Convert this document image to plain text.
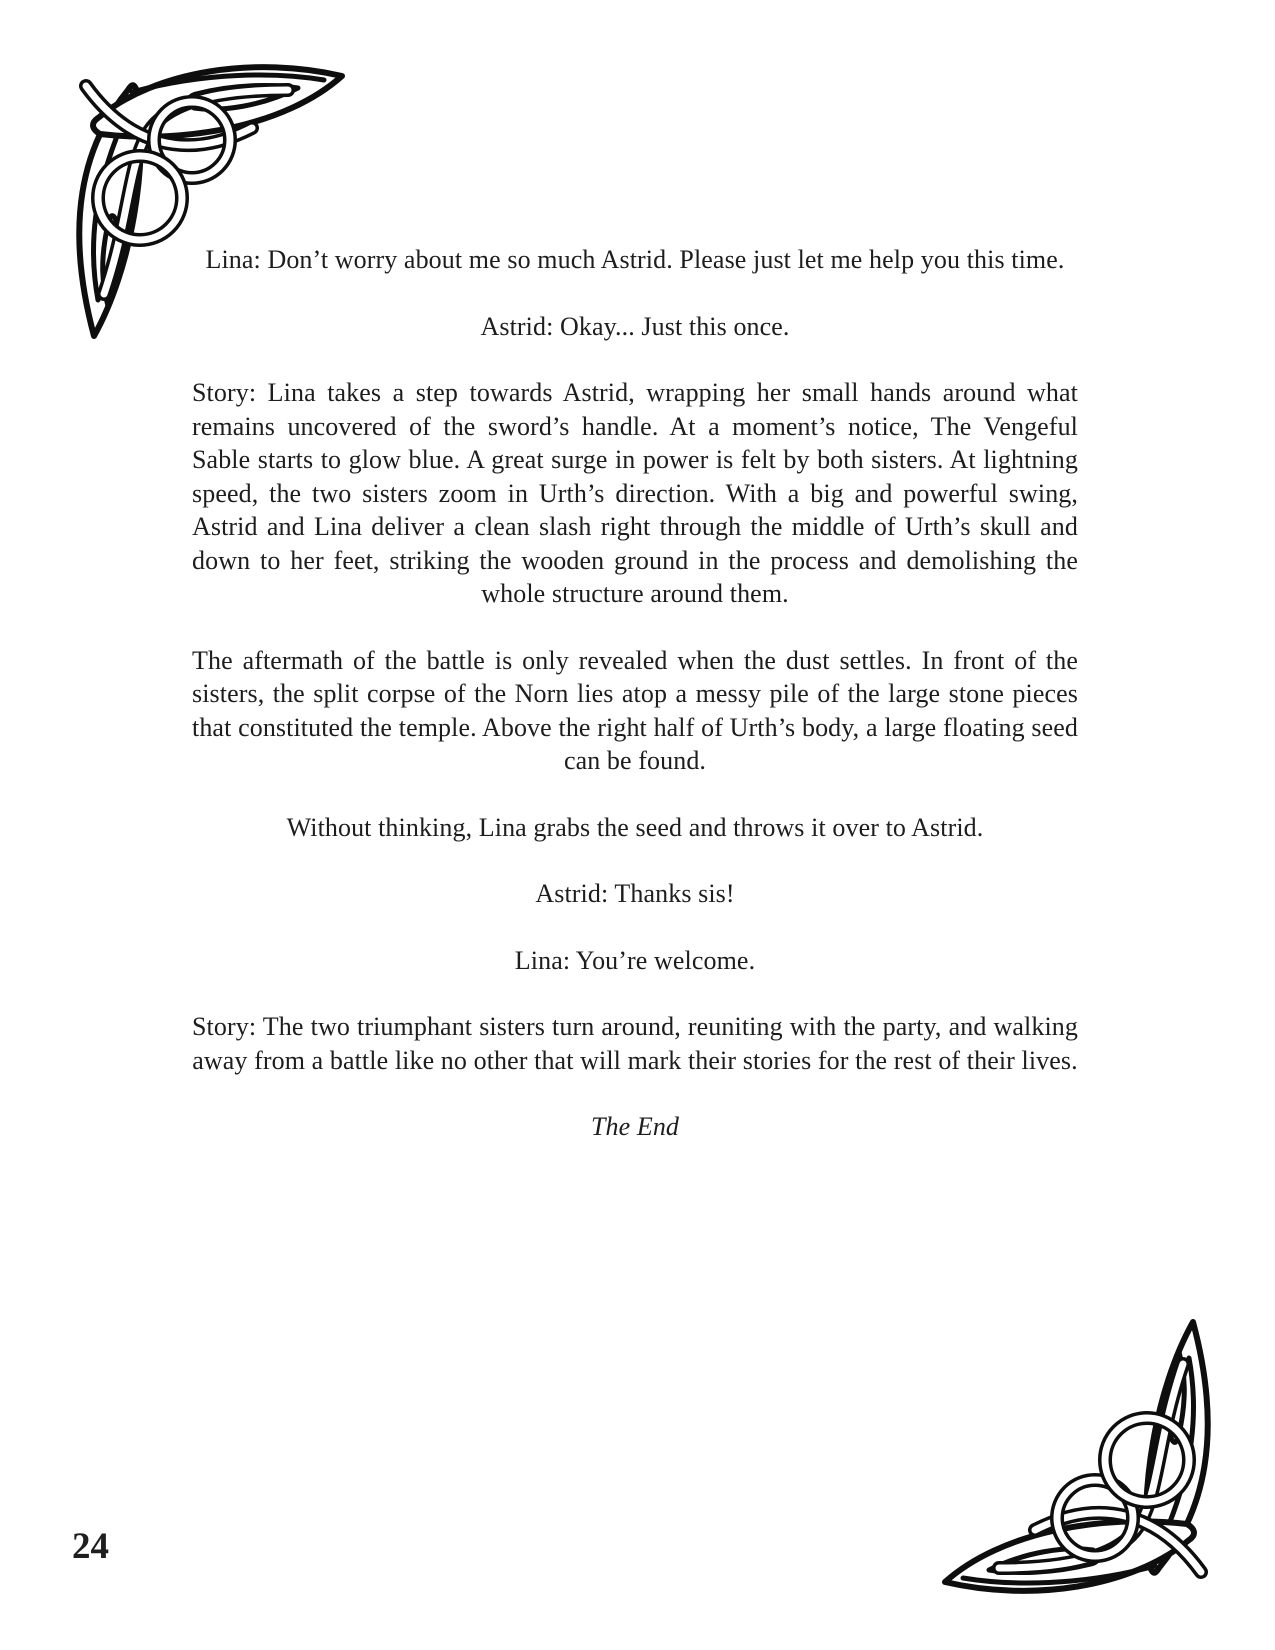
Lina: Don’t worry about me so much Astrid. Please just let me help you this time.

Astrid: Okay... Just this once.

Story: Lina takes a step towards Astrid, wrapping her small hands around what remains uncovered of the sword’s handle. At a moment’s notice, The Vengeful Sable starts to glow blue. A great surge in power is felt by both sisters. At lightning speed, the two sisters zoom in Urth’s direction. With a big and powerful swing, Astrid and Lina deliver a clean slash right through the middle of Urth’s skull and down to her feet, striking the wooden ground in the process and demolishing the whole structure around them.

The aftermath of the battle is only revealed when the dust settles. In front of the sisters, the split corpse of the Norn lies atop a messy pile of the large stone pieces that constituted the temple. Above the right half of Urth’s body, a large floating seed can be found.

Without thinking, Lina grabs the seed and throws it over to Astrid.

Astrid: Thanks sis!

Lina: You’re welcome.

Story: The two triumphant sisters turn around, reuniting with the party, and walking away from a battle like no other that will mark their stories for the rest of their lives.

The End

24
